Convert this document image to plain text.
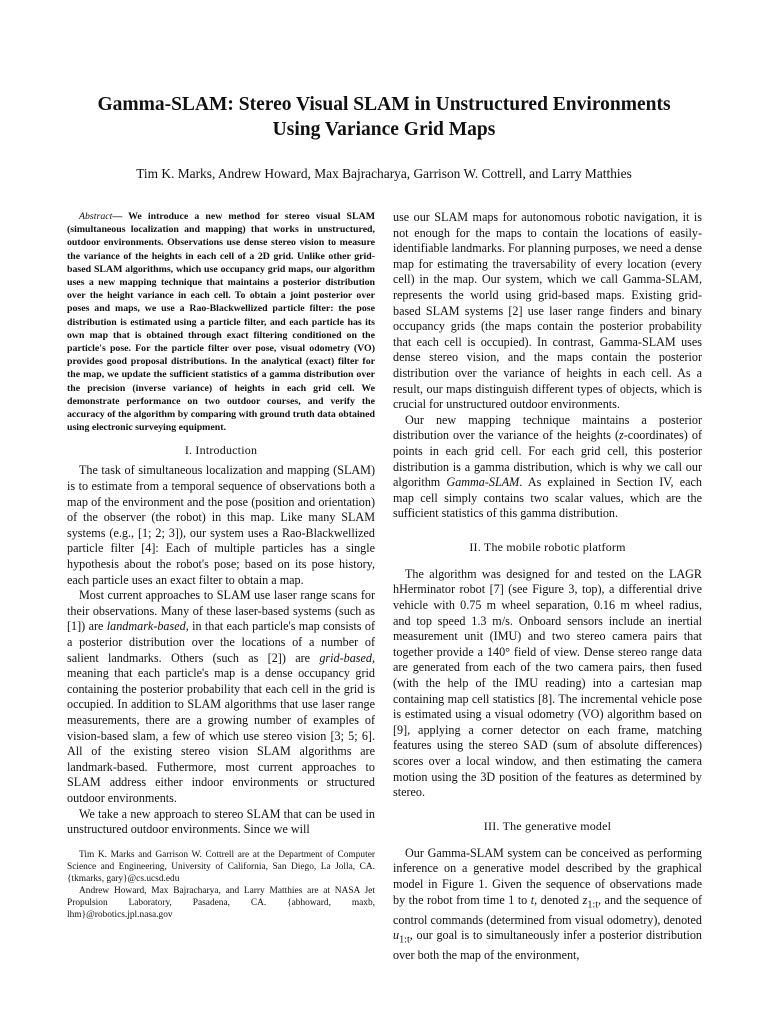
Gamma-SLAM: Stereo Visual SLAM in Unstructured Environments
Using Variance Grid Maps
Tim K. Marks, Andrew Howard, Max Bajracharya, Garrison W. Cottrell, and Larry Matthies

Abstract— We introduce a new method for stereo visual SLAM (simultaneous localization and mapping) that works in unstructured, outdoor environments. Observations use dense stereo vision to measure the variance of the heights in each cell of a 2D grid. Unlike other grid-based SLAM algorithms, which use occupancy grid maps, our algorithm uses a new mapping technique that maintains a posterior distribution over the height variance in each cell. To obtain a joint posterior over poses and maps, we use a Rao-Blackwellized particle filter: the pose distribution is estimated using a particle filter, and each particle has its own map that is obtained through exact filtering conditioned on the particle's pose. For the particle filter over pose, visual odometry (VO) provides good proposal distributions. In the analytical (exact) filter for the map, we update the sufficient statistics of a gamma distribution over the precision (inverse variance) of heights in each grid cell. We demonstrate performance on two outdoor courses, and verify the accuracy of the algorithm by comparing with ground truth data obtained using electronic surveying equipment.

I. Introduction

The task of simultaneous localization and mapping (SLAM) is to estimate from a temporal sequence of observations both a map of the environment and the pose (position and orientation) of the observer (the robot) in this map. Like many SLAM systems (e.g., [1; 2; 3]), our system uses a Rao-Blackwellized particle filter [4]: Each of multiple particles has a single hypothesis about the robot's pose; based on its pose history, each particle uses an exact filter to obtain a map.

Most current approaches to SLAM use laser range scans for their observations. Many of these laser-based systems (such as [1]) are landmark-based, in that each particle's map consists of a posterior distribution over the locations of a number of salient landmarks. Others (such as [2]) are grid-based, meaning that each particle's map is a dense occupancy grid containing the posterior probability that each cell in the grid is occupied. In addition to SLAM algorithms that use laser range measurements, there are a growing number of examples of vision-based slam, a few of which use stereo vision [3; 5; 6]. All of the existing stereo vision SLAM algorithms are landmark-based. Futhermore, most current approaches to SLAM address either indoor environments or structured outdoor environments.

We take a new approach to stereo SLAM that can be used in unstructured outdoor environments. Since we will

Tim K. Marks and Garrison W. Cottrell are at the Department of Computer Science and Engineering, University of California, San Diego, La Jolla, CA. {tkmarks, gary}@cs.ucsd.edu

Andrew Howard, Max Bajracharya, and Larry Matthies are at NASA Jet Propulsion Laboratory, Pasadena, CA. {abhoward, maxb, lhm}@robotics.jpl.nasa.gov

use our SLAM maps for autonomous robotic navigation, it is not enough for the maps to contain the locations of easily-identifiable landmarks. For planning purposes, we need a dense map for estimating the traversability of every location (every cell) in the map. Our system, which we call Gamma-SLAM, represents the world using grid-based maps. Existing grid-based SLAM systems [2] use laser range finders and binary occupancy grids (the maps contain the posterior probability that each cell is occupied). In contrast, Gamma-SLAM uses dense stereo vision, and the maps contain the posterior distribution over the variance of heights in each cell. As a result, our maps distinguish different types of objects, which is crucial for unstructured outdoor environments.

Our new mapping technique maintains a posterior distribution over the variance of the heights (z-coordinates) of points in each grid cell. For each grid cell, this posterior distribution is a gamma distribution, which is why we call our algorithm Gamma-SLAM. As explained in Section IV, each map cell simply contains two scalar values, which are the sufficient statistics of this gamma distribution.

II. The mobile robotic platform

The algorithm was designed for and tested on the LAGR hHerminator robot [7] (see Figure 3, top), a differential drive vehicle with 0.75 m wheel separation, 0.16 m wheel radius, and top speed 1.3 m/s. Onboard sensors include an inertial measurement unit (IMU) and two stereo camera pairs that together provide a 140° field of view. Dense stereo range data are generated from each of the two camera pairs, then fused (with the help of the IMU reading) into a cartesian map containing map cell statistics [8]. The incremental vehicle pose is estimated using a visual odometry (VO) algorithm based on [9], applying a corner detector on each frame, matching features using the stereo SAD (sum of absolute differences) scores over a local window, and then estimating the camera motion using the 3D position of the features as determined by stereo.

III. The generative model

Our Gamma-SLAM system can be conceived as performing inference on a generative model described by the graphical model in Figure 1. Given the sequence of observations made by the robot from time 1 to t, denoted $z_{1:t}$, and the sequence of control commands (determined from visual odometry), denoted $u_{1:t}$, our goal is to simultaneously infer a posterior distribution over both the map of the environment,
